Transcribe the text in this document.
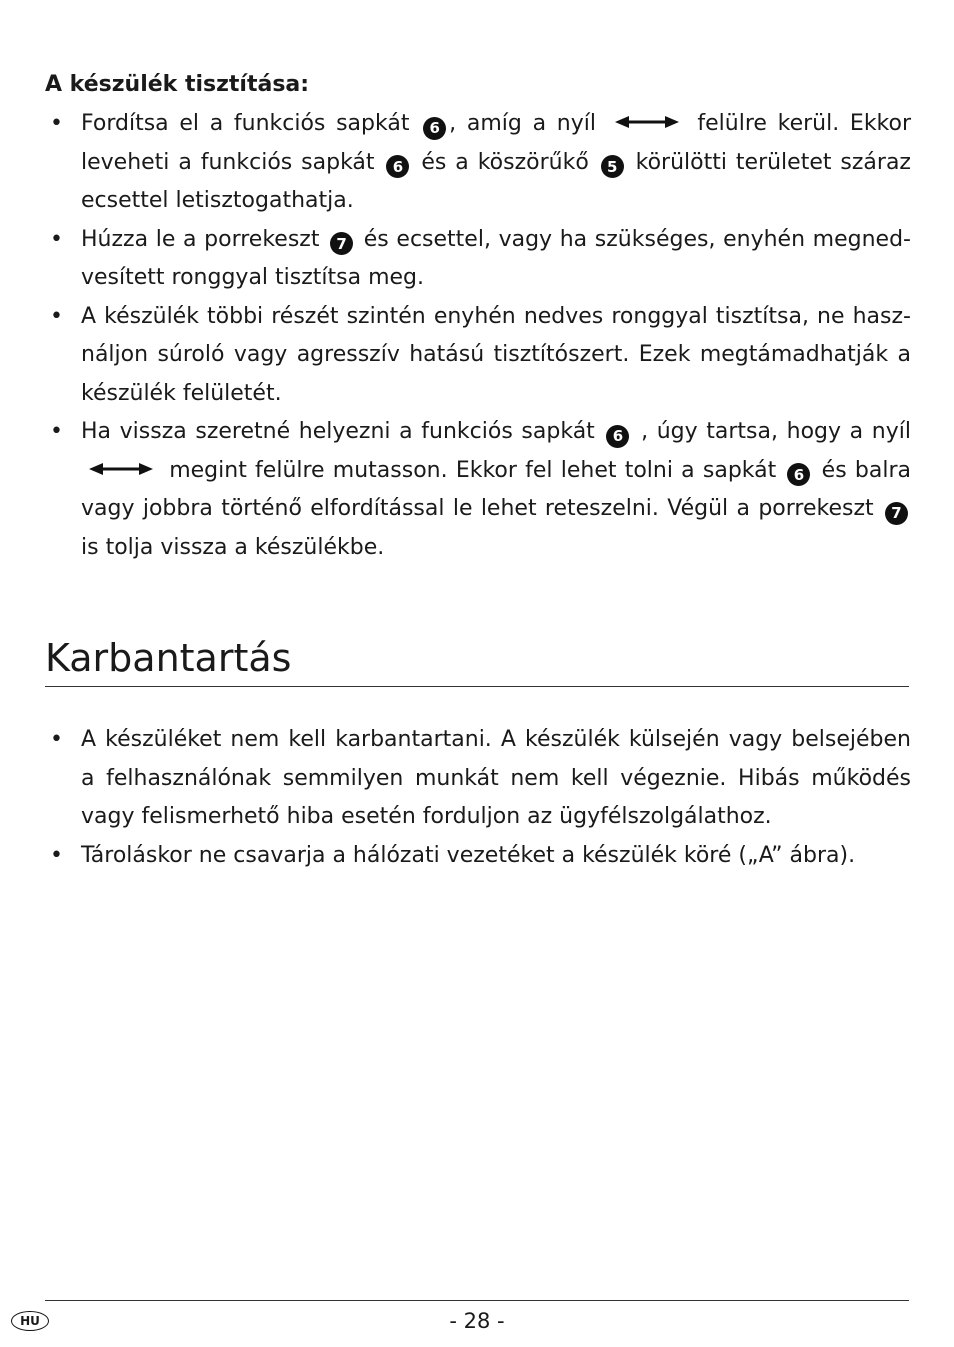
A készülék tisztítása:
• Fordítsa el a funkciós sapkát 6 , amíg a nyíl	felülre kerül. Ekkor leveheti a funkciós sapkát 6 és a köszörűkő 5 körülötti területet száraz ecsettel letisztogathatja.
• Húzza le a porrekeszt 7 és ecsettel, vagy ha szükséges, enyhén megnedvesített ronggyal tisztítsa meg.
• A készülék többi részét szintén enyhén nedves ronggyal tisztítsa, ne használjon súroló vagy agresszív hatású tisztítószert. Ezek megtámadhatják a készülék felületét.
• Ha vissza szeretné helyezni a funkciós sapkát 6 , úgy tartsa, hogy a nyíl  megint felülre mutasson. Ekkor fel lehet tolni a sapkát 6 és balra vagy jobbra történő elfordítással le lehet reteszelni. Végül a porrekeszt 7 is tolja vissza a készülékbe.
Karbantartás
• A készüléket nem kell karbantartani. A készülék külsején vagy belsejében a felhasználónak semmilyen munkát nem kell végeznie. Hibás működés vagy felismerhető hiba esetén forduljon az ügyfélszolgálathoz.
• Tároláskor ne csavarja a hálózati vezetéket a készülék köré („A” ábra).
HU	- 28 -
